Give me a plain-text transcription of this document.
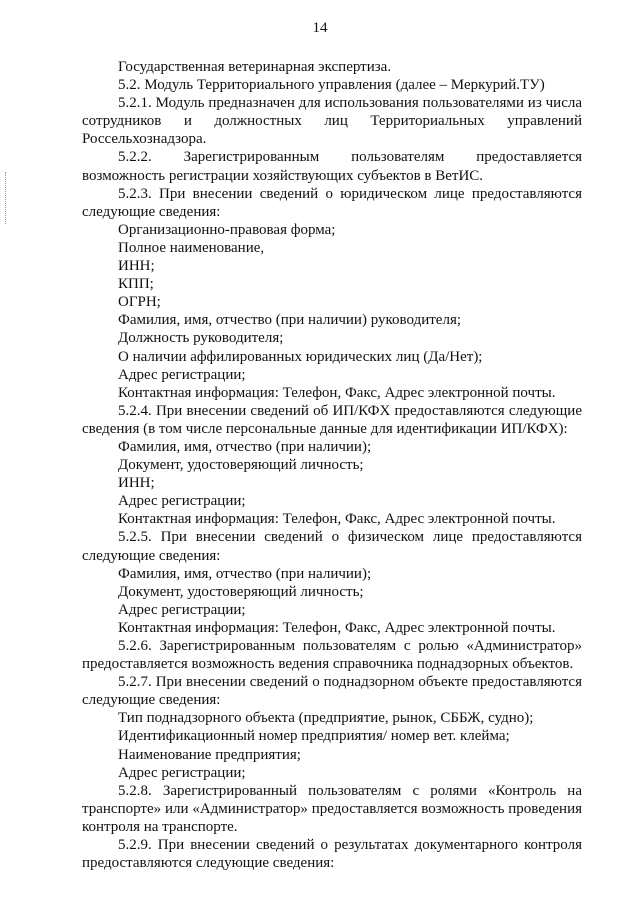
14

Государственная ветеринарная экспертиза.

5.2. Модуль Территориального управления (далее – Меркурий.ТУ)

5.2.1. Модуль предназначен для использования пользователями из числа сотрудников и должностных лиц Территориальных управлений Россельхознадзора.

5.2.2. Зарегистрированным пользователям предоставляется возможность регистрации хозяйствующих субъектов в ВетИС.

5.2.3. При внесении сведений о юридическом лице предоставляются следующие сведения:

Организационно-правовая форма;

Полное наименование,

ИНН;

КПП;

ОГРН;

Фамилия, имя, отчество (при наличии) руководителя;

Должность руководителя;

О наличии аффилированных юридических лиц (Да/Нет);

Адрес регистрации;

Контактная информация: Телефон, Факс, Адрес электронной почты.

5.2.4. При внесении сведений об ИП/КФХ предоставляются следующие сведения (в том числе персональные данные для идентификации ИП/КФХ):

Фамилия, имя, отчество (при наличии);

Документ, удостоверяющий личность;

ИНН;

Адрес регистрации;

Контактная информация: Телефон, Факс, Адрес электронной почты.

5.2.5. При внесении сведений о физическом лице предоставляются следующие сведения:

Фамилия, имя, отчество (при наличии);

Документ, удостоверяющий личность;

Адрес регистрации;

Контактная информация: Телефон, Факс, Адрес электронной почты.

5.2.6. Зарегистрированным пользователям с ролью «Администратор» предоставляется возможность ведения справочника поднадзорных объектов.

5.2.7. При внесении сведений о поднадзорном объекте предоставляются следующие сведения:

Тип поднадзорного объекта (предприятие, рынок, СББЖ, судно);

Идентификационный номер предприятия/ номер вет. клейма;

Наименование предприятия;

Адрес регистрации;

5.2.8. Зарегистрированный пользователям с ролями «Контроль на транспорте» или «Администратор» предоставляется возможность проведения контроля на транспорте.

5.2.9. При внесении сведений о результатах документарного контроля предоставляются следующие сведения:
